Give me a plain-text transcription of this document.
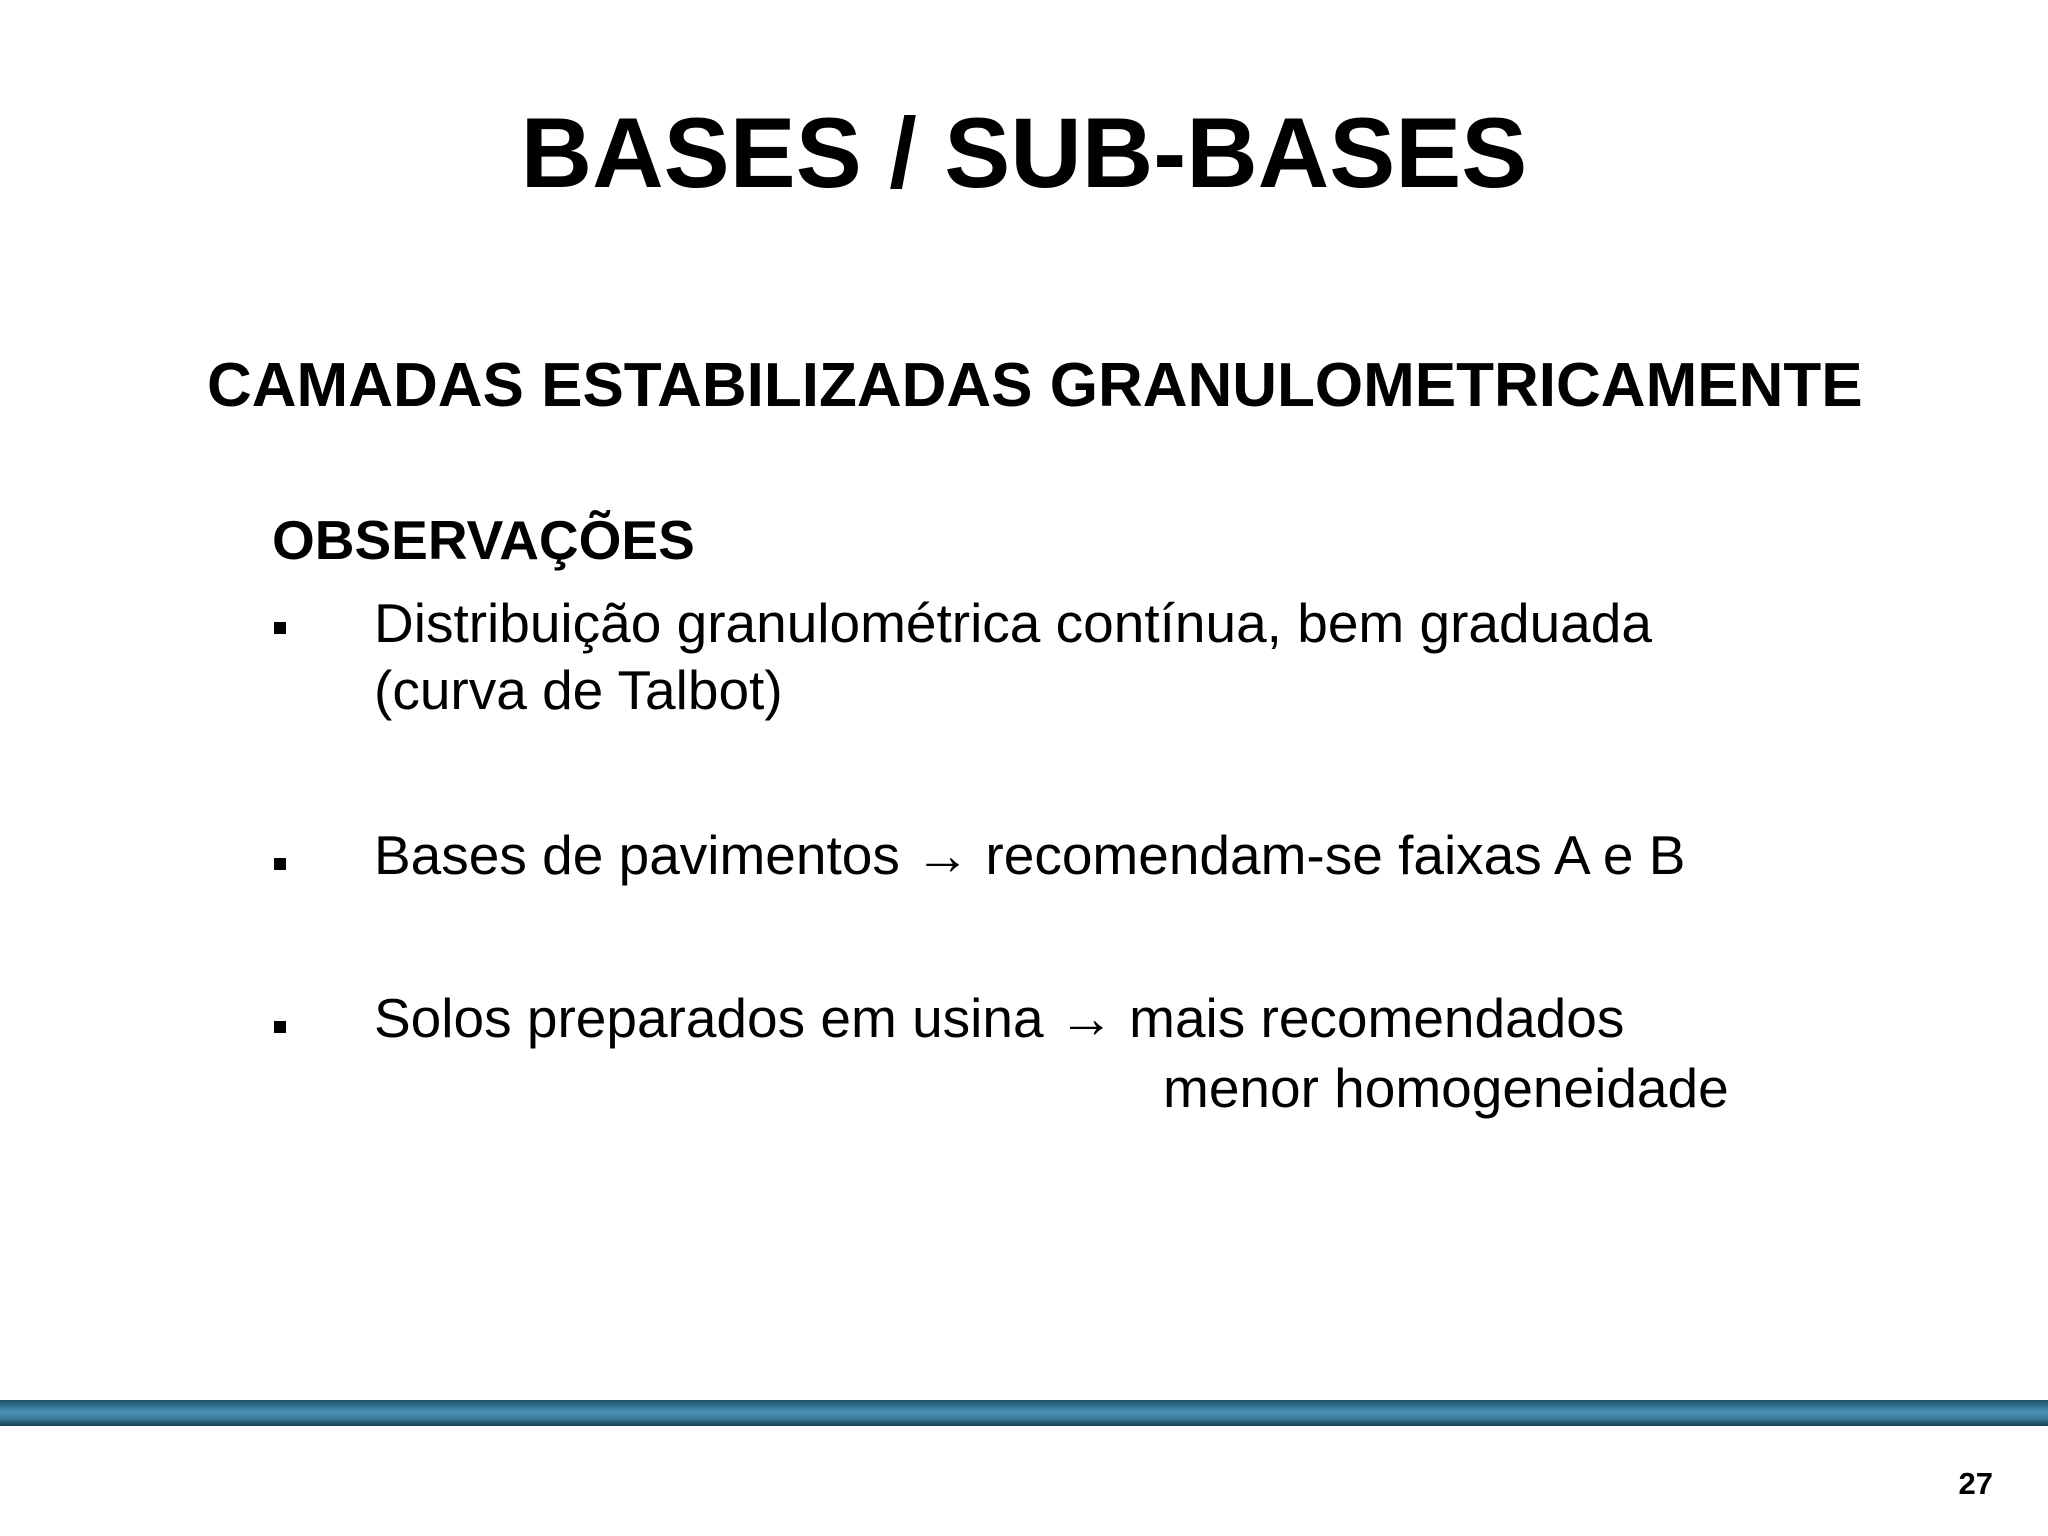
BASES / SUB-BASES
CAMADAS ESTABILIZADAS GRANULOMETRICAMENTE
OBSERVAÇÕES
Distribuição granulométrica contínua, bem graduada
(curva de Talbot)
Bases de pavimentos → recomendam-se faixas A e B
Solos preparados em usina → mais recomendados
menor homogeneidade
27
